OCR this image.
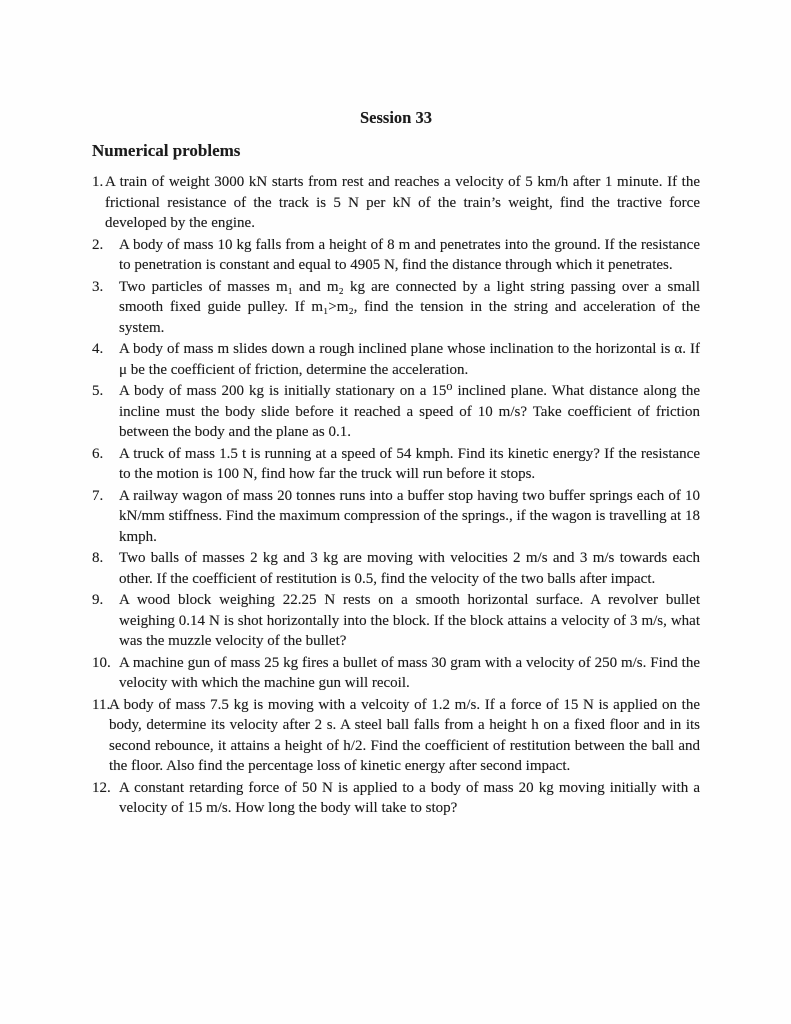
Session 33
Numerical problems
1. A train of weight 3000 kN starts from rest and reaches a velocity of 5 km/h after 1 minute. If the frictional resistance of the track is 5 N per kN of the train’s weight, find the tractive force developed by the engine.
2. A body of mass 10 kg falls from a height of 8 m and penetrates into the ground. If the resistance to penetration is constant and equal to 4905 N, find the distance through which it penetrates.
3. Two particles of masses m₁ and m₂ kg are connected by a light string passing over a small smooth fixed guide pulley. If m₁>m₂, find the tension in the string and acceleration of the system.
4. A body of mass m slides down a rough inclined plane whose inclination to the horizontal is α. If μ be the coefficient of friction, determine the acceleration.
5. A body of mass 200 kg is initially stationary on a 15⁰ inclined plane. What distance along the incline must the body slide before it reached a speed of 10 m/s? Take coefficient of friction between the body and the plane as 0.1.
6. A truck of mass 1.5 t is running at a speed of 54 kmph. Find its kinetic energy? If the resistance to the motion is 100 N, find how far the truck will run before it stops.
7. A railway wagon of mass 20 tonnes runs into a buffer stop having two buffer springs each of 10 kN/mm stiffness. Find the maximum compression of the springs., if the wagon is travelling at 18 kmph.
8. Two balls of masses 2 kg and 3 kg are moving with velocities 2 m/s and 3 m/s towards each other. If the coefficient of restitution is 0.5, find the velocity of the two balls after impact.
9. A wood block weighing 22.25 N rests on a smooth horizontal surface. A revolver bullet weighing 0.14 N is shot horizontally into the block. If the block attains a velocity of 3 m/s, what was the muzzle velocity of the bullet?
10. A machine gun of mass 25 kg fires a bullet of mass 30 gram with a velocity of 250 m/s. Find the velocity with which the machine gun will recoil.
11.
A body of mass 7.5 kg is moving with a velcoity of 1.2 m/s. If a force of 15 N is applied on the body, determine its velocity after 2 s. A steel ball falls from a height h on a fixed floor and in its second rebounce, it attains a height of h/2. Find the coefficient of restitution between the ball and the floor. Also find the percentage loss of kinetic energy after second impact.
12. A constant retarding force of 50 N is applied to a body of mass 20 kg moving initially with a velocity of 15 m/s. How long the body will take to stop?
